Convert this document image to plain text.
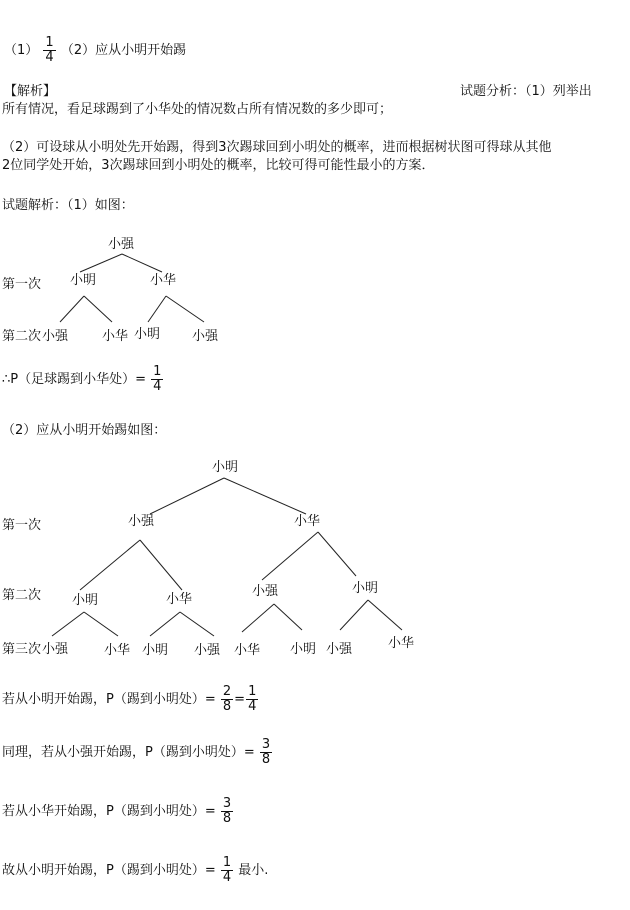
$(1) \frac{1}{4} (2)$应从小明开始踢
【解析】	试题分析：（1）列举出
所有情况，看足球踢到了小华处的情况数占所有情况数的多少即可；
（2）可设球从小明处先开始踢，得到3次踢球回到小明处的概率，进而根据树状图可得球从其他
2位同学处开始，3次踢球回到小明处的概率，比较可得可能性最小的方案．
试题解析：（1）如图：
小强
第一次 小明	小华
第二次 小强	小华 小明 小强
∴P（足球踢到小华处）= $\frac{1}{4}$
（2）应从小明开始踢如图：
小明
第一次	小强	小华
第二次 小明	小华
小强	小明
第三次 小强	小华 小明 小强 小华 小明 小强	小华
若从小明开始踢，P（踢到小明处）= $\frac{2}{8} = \frac{1}{4}$
同理，若从小强开始踢，P（踢到小明处）= $\frac{3}{8}$
若从小华开始踢，P（踢到小明处）= $\frac{3}{8}$
故从小明开始踢，P（踢到小明处）= $\frac{1}{4}$ 最小.
